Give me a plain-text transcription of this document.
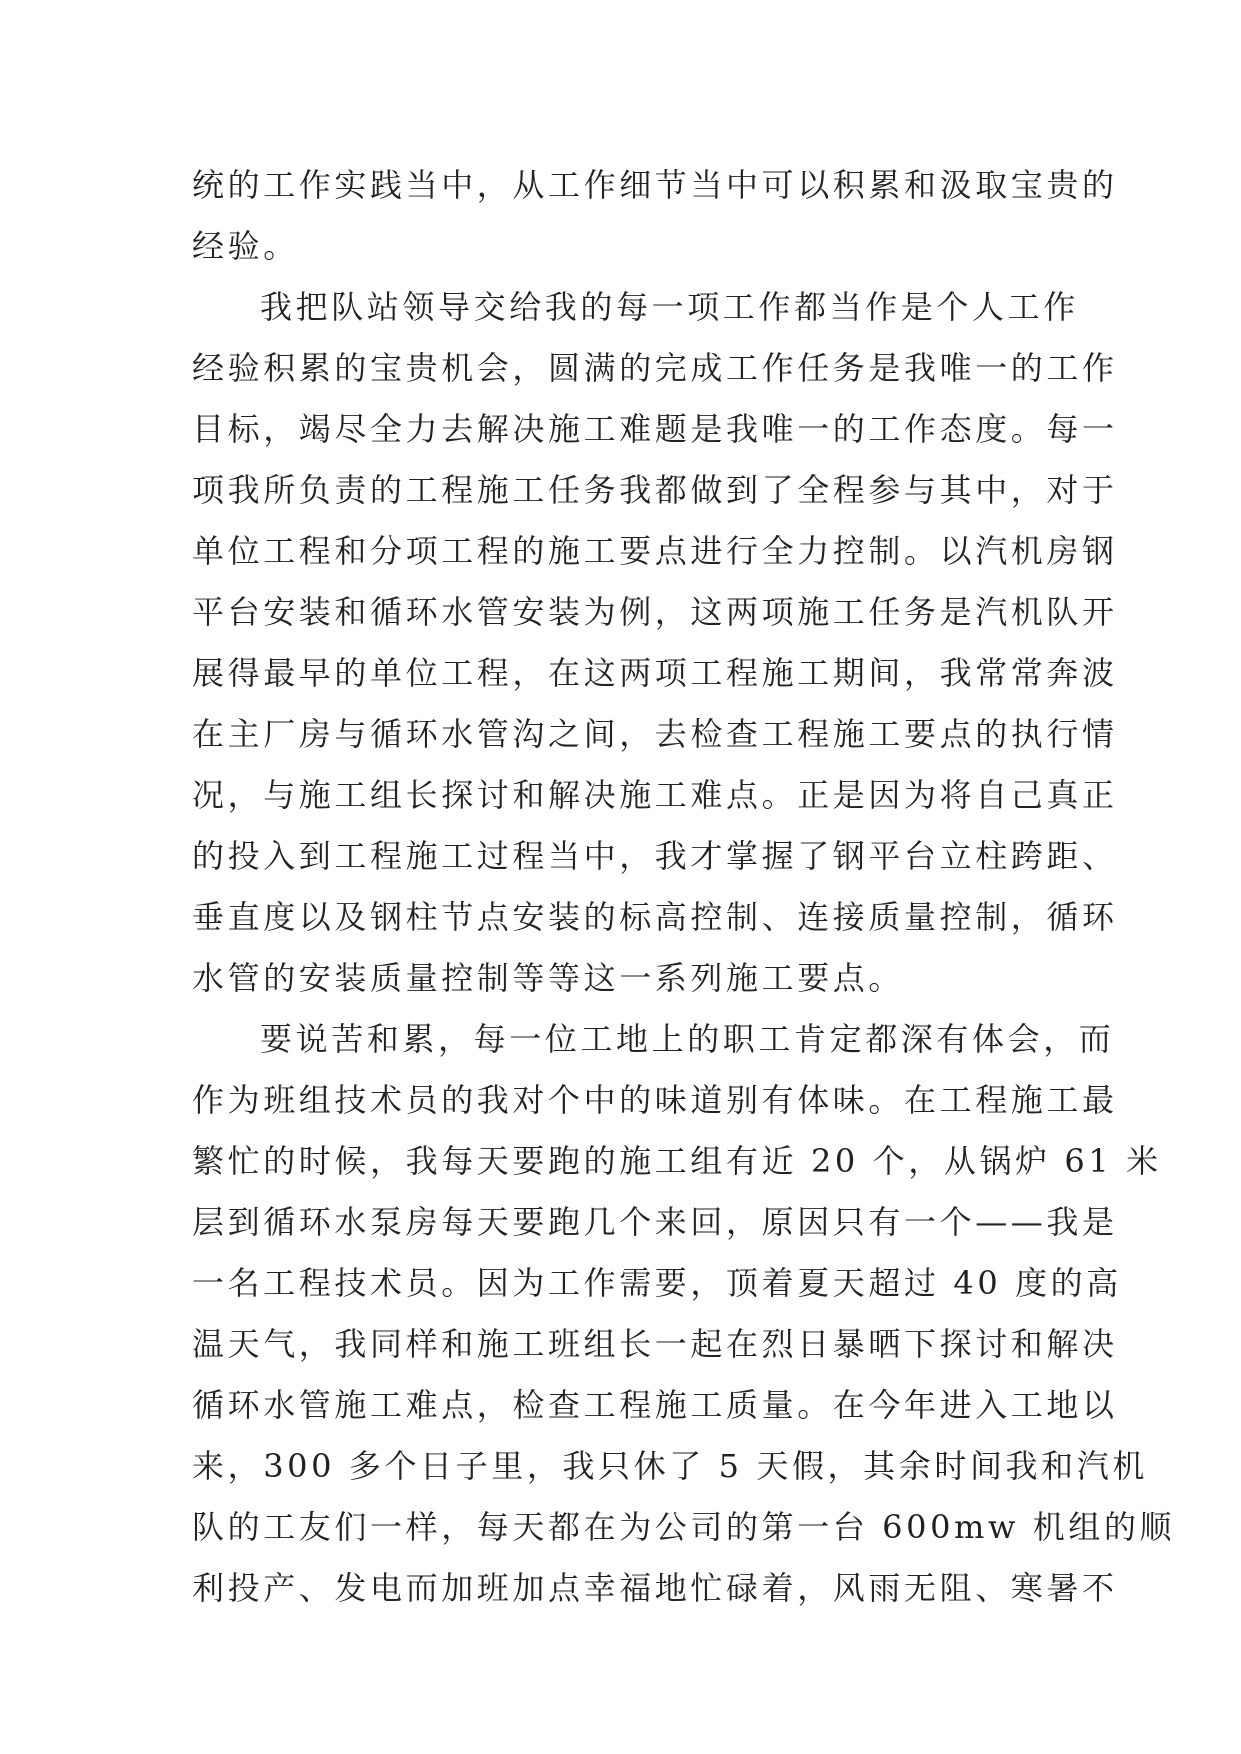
统的工作实践当中，从工作细节当中可以积累和汲取宝贵的
经验。
我把队站领导交给我的每一项工作都当作是个人工作
经验积累的宝贵机会，圆满的完成工作任务是我唯一的工作
目标，竭尽全力去解决施工难题是我唯一的工作态度。每一
项我所负责的工程施工任务我都做到了全程参与其中，对于
单位工程和分项工程的施工要点进行全力控制。以汽机房钢
平台安装和循环水管安装为例，这两项施工任务是汽机队开
展得最早的单位工程，在这两项工程施工期间，我常常奔波
在主厂房与循环水管沟之间，去检查工程施工要点的执行情
况，与施工组长探讨和解决施工难点。正是因为将自己真正
的投入到工程施工过程当中，我才掌握了钢平台立柱跨距、
垂直度以及钢柱节点安装的标高控制、连接质量控制，循环
水管的安装质量控制等等这一系列施工要点。
要说苦和累，每一位工地上的职工肯定都深有体会，而
作为班组技术员的我对个中的味道别有体味。在工程施工最
繁忙的时候，我每天要跑的施工组有近 20 个，从锅炉 61 米
层到循环水泵房每天要跑几个来回，原因只有一个——我是
一名工程技术员。因为工作需要，顶着夏天超过 40 度的高
温天气，我同样和施工班组长一起在烈日暴晒下探讨和解决
循环水管施工难点，检查工程施工质量。在今年进入工地以
来，300 多个日子里，我只休了 5 天假，其余时间我和汽机
队的工友们一样，每天都在为公司的第一台 600mw 机组的顺
利投产、发电而加班加点幸福地忙碌着，风雨无阻、寒暑不
